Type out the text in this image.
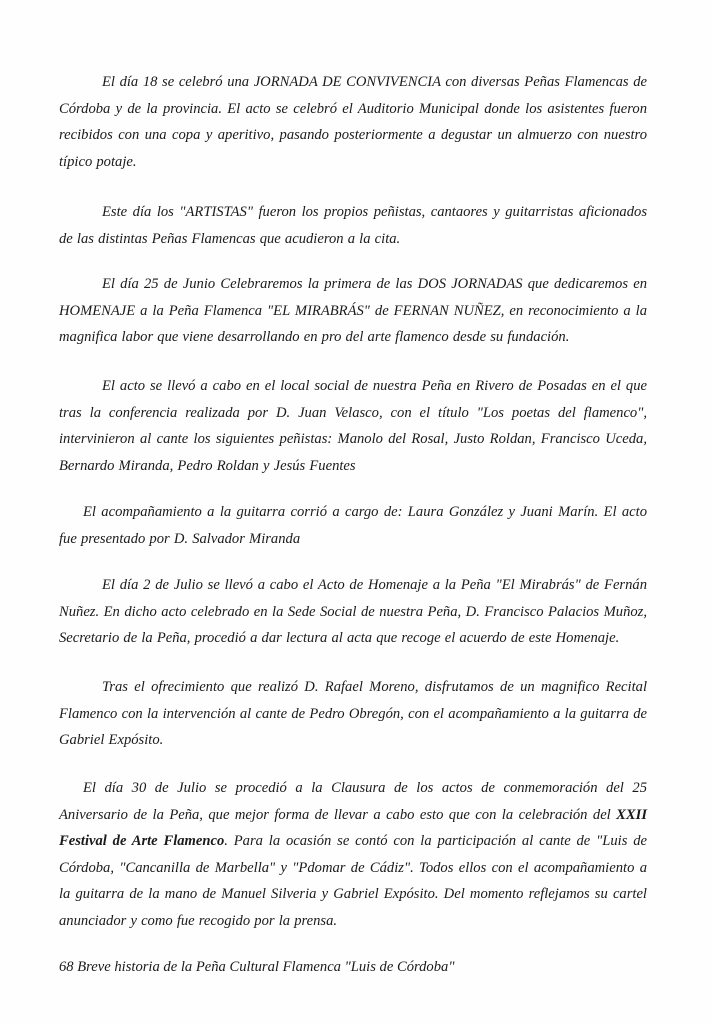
El día 18 se celebró una JORNADA DE CONVIVENCIA con diversas Peñas Flamencas de Córdoba y de la provincia. El acto se celebró el Auditorio Municipal donde los asistentes fueron recibidos con una copa y aperitivo, pasando posteriormente a degustar un almuerzo con nuestro típico potaje.

Este día los "ARTISTAS" fueron los propios peñistas, cantaores y guitarristas aficionados de las distintas Peñas Flamencas que acudieron a la cita.

El día 25 de Junio Celebraremos la primera de las DOS JORNADAS que dedicaremos en HOMENAJE a la Peña Flamenca "EL MIRABRÁS" de FERNAN NUÑEZ, en reconocimiento a la magnifica labor que viene desarrollando en pro del arte flamenco desde su fundación.

El acto se llevó a cabo en el local social de nuestra Peña en Rivero de Posadas en el que tras la conferencia realizada por D. Juan Velasco, con el título "Los poetas del flamenco", intervinieron al cante los siguientes peñistas: Manolo del Rosal, Justo Roldan, Francisco Uceda, Bernardo Miranda, Pedro Roldan y Jesús Fuentes

El acompañamiento a la guitarra corrió a cargo de: Laura González y Juani Marín. El acto fue presentado por D. Salvador Miranda

El día 2 de Julio se llevó a cabo el Acto de Homenaje a la Peña "El Mirabrás" de Fernán Nuñez. En dicho acto celebrado en la Sede Social de nuestra Peña, D. Francisco Palacios Muñoz, Secretario de la Peña, procedió a dar lectura al acta que recoge el acuerdo de este Homenaje.

Tras el ofrecimiento que realizó D. Rafael Moreno, disfrutamos de un magnifico Recital Flamenco con la intervención al cante de Pedro Obregón, con el acompañamiento a la guitarra de Gabriel Expósito.

El día 30 de Julio se procedió a la Clausura de los actos de conmemoración del 25 Aniversario de la Peña, que mejor forma de llevar a cabo esto que con la celebración del XXII Festival de Arte Flamenco. Para la ocasión se contó con la participación al cante de "Luis de Córdoba, "Cancanilla de Marbella" y "Pdomar de Cádiz". Todos ellos con el acompañamiento a la guitarra de la mano de Manuel Silveria y Gabriel Expósito. Del momento reflejamos su cartel anunciador y como fue recogido por la prensa.

68 Breve historia de la Peña Cultural Flamenca "Luis de Córdoba"
